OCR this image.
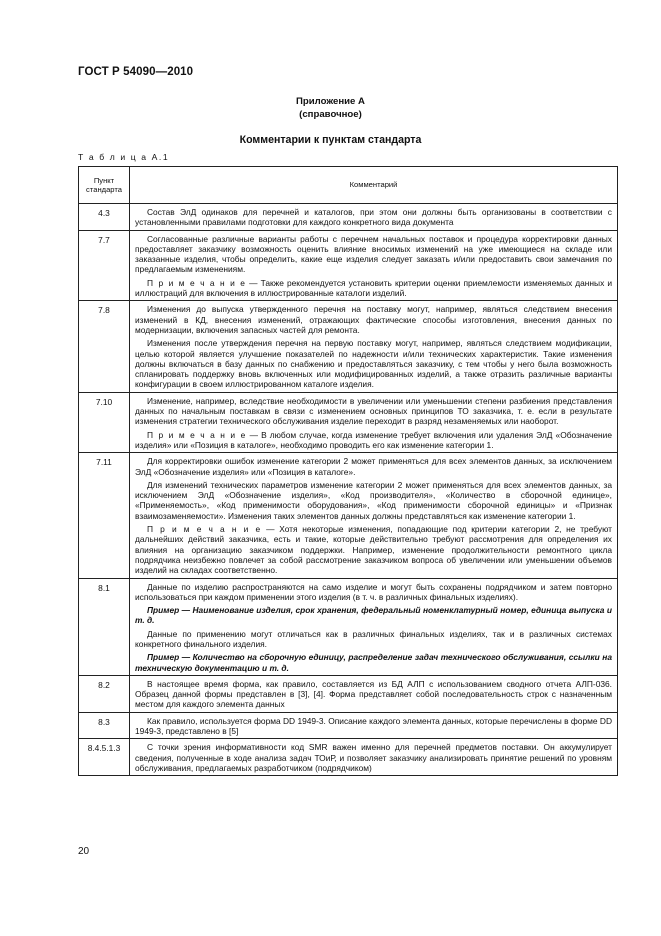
ГОСТ Р 54090—2010
Приложение А
(справочное)
Комментарии к пунктам стандарта
Т а б л и ц а А.1
Пункт стандарта	Комментарий
4.3	Состав ЭлД одинаков для перечней и каталогов, при этом они должны быть организованы в соответствии с установленными правилами подготовки для каждого конкретного вида документа

7.7	Согласованные различные варианты работы с перечнем начальных поставок и процедура корректировки данных предоставляет заказчику возможность оценить влияние вносимых изменений на уже имеющиеся на складе или заказанные изделия, чтобы определить, какие еще изделия следует заказать и/или предоставить свои замечания по предлагаемым изменениям.

П р и м е ч а н и е — Также рекомендуется установить критерии оценки приемлемости изменяемых данных и иллюстраций для включения в иллюстрированные каталоги изделий.

7.8	Изменения до выпуска утвержденного перечня на поставку могут, например, являться следствием внесения изменений в КД, внесения изменений, отражающих фактические способы изготовления, внесения данных по модернизации, включения запасных частей для ремонта.

Изменения после утверждения перечня на первую поставку могут, например, являться следствием модификации, целью которой является улучшение показателей по надежности и/или технических характеристик. Такие изменения должны включаться в базу данных по снабжению и предоставляться заказчику, с тем чтобы у него была возможность спланировать поддержку вновь включенных или модифицированных изделий, а также отразить различные варианты конфигурации в своем иллюстрированном каталоге изделия.

7.10	Изменение, например, вследствие необходимости в увеличении или уменьшении степени разбиения представления данных по начальным поставкам в связи с изменением основных принципов ТО заказчика, т. е. если в результате изменения стратегии технического обслуживания изделие переходит в разряд незаменяемых или наоборот.

П р и м е ч а н и е — В любом случае, когда изменение требует включения или удаления ЭлД «Обозначение изделия» или «Позиция в каталоге», необходимо проводить его как изменение категории 1.

7.11	Для корректировки ошибок изменение категории 2 может применяться для всех элементов данных, за исключением ЭлД «Обозначение изделия» или «Позиция в каталоге».

Для изменений технических параметров изменение категории 2 может применяться для всех элементов данных, за исключением ЭлД «Обозначение изделия», «Код производителя», «Количество в сборочной единице», «Применяемость», «Код применимости оборудования», «Код применимости сборочной единицы» и «Признак взаимозаменяемости». Изменения таких элементов данных должны представляться как изменение категории 1.

П р и м е ч а н и е — Хотя некоторые изменения, попадающие под критерии категории 2, не требуют дальнейших действий заказчика, есть и такие, которые действительно требуют рассмотрения для определения их влияния на организацию заказчиком поддержки. Например, изменение продолжительности ремонтного цикла подрядчика неизбежно повлечет за собой рассмотрение заказчиком вопроса об увеличении или уменьшении объемов изделий на складах соответственно.

8.1	Данные по изделию распространяются на само изделие и могут быть сохранены подрядчиком и затем повторно использоваться при каждом применении этого изделия (в т. ч. в различных финальных изделиях).

Пример — Наименование изделия, срок хранения, федеральный номенклатурный номер, единица выпуска и т. д.

Данные по применению могут отличаться как в различных финальных изделиях, так и в различных системах конкретного финального изделия.

Пример — Количество на сборочную единицу, распределение задач технического обслуживания, ссылки на техническую документацию и т. д.

8.2	В настоящее время форма, как правило, составляется из БД АЛП с использованием сводного отчета АЛП-036. Образец данной формы представлен в [3], [4]. Форма представляет собой последовательность строк с назначенным местом для каждого элемента данных

8.3	Как правило, используется форма DD 1949-3. Описание каждого элемента данных, которые перечислены в форме DD 1949-3, представлено в [5]

8.4.5.1.3	С точки зрения информативности код SMR важен именно для перечней предметов поставки. Он аккумулирует сведения, полученные в ходе анализа задач ТОиР, и позволяет заказчику анализировать принятие решений по уровням обслуживания, предлагаемых разработчиком (подрядчиком)

20
